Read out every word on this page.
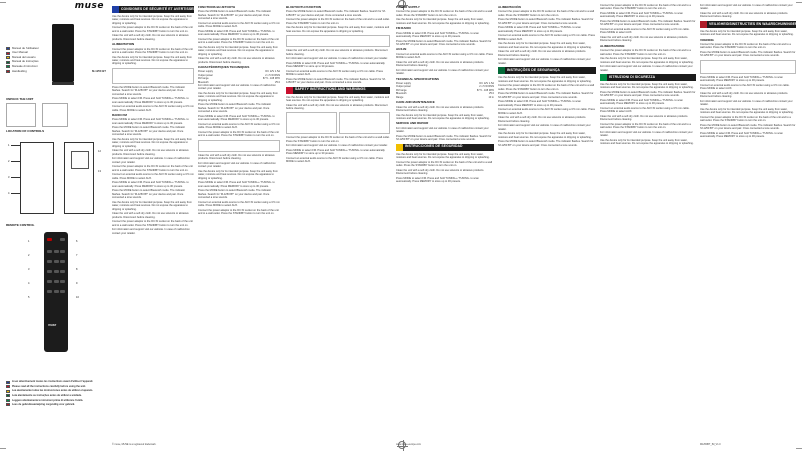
muse
Manuel de l'utilisateur
User Manual
Manual del usuario
Manual de instruções
Manuale di istruzioni
Handleiding	M-1250 BT
UNPACK THE UNIT
LOCATION OF CONTROLS
1
2
3
4
12
13
REMOTE CONTROL
muse
1
2
3
4
5
6
7
8
9
10
Lisez attentivement toutes les instructions avant d'utiliser l'appareil.
Please read all the instructions carefully before using the unit.
Lea atentamente todas las instrucciones antes de utilizar el aparato.
Leia atentamente as instruções antes de utilizar a unidade.
Leggere attentamente le istruzioni prima di utilizzare l'unità.
Lees de gebruiksaanwijzing zorgvuldig voor gebruik.
CONSIGNES DE SÉCURITÉ ET AVERTISSEMENTS

Use the device only for its intended purpose. Keep the unit away from water, moisture and heat sources. Do not expose the apparatus to dripping or splashing.

Connect the power adaptor to the DC IN socket on the back of the unit and to a wall outlet. Press the STANDBY button to turn the unit on.

Clean the unit with a soft dry cloth. Do not use solvents or abrasive products. Disconnect before cleaning.

ALIMENTATION

Connect the power adaptor to the DC IN socket on the back of the unit and to a wall outlet. Press the STANDBY button to turn the unit on.

Use the device only for its intended purpose. Keep the unit away from water, moisture and heat sources. Do not expose the apparatus to dripping or splashing.

Press the MODE button to select Bluetooth mode. The indicator flashes. Search for 'M-1250 BT' on your device and pair. Once connected a tone sounds.

Press MODE to select FM. Press and hold TUNING+ / TUNING- to scan automatically. Press MEMORY to store up to 30 presets.

Connect an external audio source to the AUX IN socket using a 3.5 mm cable. Press MODE to select AUX.

RADIO FM

Press MODE to select FM. Press and hold TUNING+ / TUNING- to scan automatically. Press MEMORY to store up to 30 presets.

Press the MODE button to select Bluetooth mode. The indicator flashes. Search for 'M-1250 BT' on your device and pair. Once connected a tone sounds.

Use the device only for its intended purpose. Keep the unit away from water, moisture and heat sources. Do not expose the apparatus to dripping or splashing.

Clean the unit with a soft dry cloth. Do not use solvents or abrasive products. Disconnect before cleaning.

For information and support visit our website. In case of malfunction contact your retailer.

Connect the power adaptor to the DC IN socket on the back of the unit and to a wall outlet. Press the STANDBY button to turn the unit on.

Connect an external audio source to the AUX IN socket using a 3.5 mm cable. Press MODE to select AUX.

Press MODE to select FM. Press and hold TUNING+ / TUNING- to scan automatically. Press MEMORY to store up to 30 presets.

Press the MODE button to select Bluetooth mode. The indicator flashes. Search for 'M-1250 BT' on your device and pair. Once connected a tone sounds.

Use the device only for its intended purpose. Keep the unit away from water, moisture and heat sources. Do not expose the apparatus to dripping or splashing.

Clean the unit with a soft dry cloth. Do not use solvents or abrasive products. Disconnect before cleaning.

Connect the power adaptor to the DC IN socket on the back of the unit and to a wall outlet. Press the STANDBY button to turn the unit on.

For information and support visit our website. In case of malfunction contact your retailer.

FONCTIONS BLUETOOTH

Press the MODE button to select Bluetooth mode. The indicator flashes. Search for 'M-1250 BT' on your device and pair. Once connected a tone sounds.

Connect an external audio source to the AUX IN socket using a 3.5 mm cable. Press MODE to select AUX.

Press MODE to select FM. Press and hold TUNING+ / TUNING- to scan automatically. Press MEMORY to store up to 30 presets.

Connect the power adaptor to the DC IN socket on the back of the unit and to a wall outlet. Press the STANDBY button to turn the unit on.

Use the device only for its intended purpose. Keep the unit away from water, moisture and heat sources. Do not expose the apparatus to dripping or splashing.

Clean the unit with a soft dry cloth. Do not use solvents or abrasive products. Disconnect before cleaning.

CARACTÉRISTIQUES TECHNIQUES
Power supply	DC 12V 1.5A
Output power	2 x 5 W RMS
FM range	87.5 - 108 MHz
Bluetooth	V5.0

For information and support visit our website. In case of malfunction contact your retailer.

Use the device only for its intended purpose. Keep the unit away from water, moisture and heat sources. Do not expose the apparatus to dripping or splashing.

Press the MODE button to select Bluetooth mode. The indicator flashes. Search for 'M-1250 BT' on your device and pair. Once connected a tone sounds.

Press MODE to select FM. Press and hold TUNING+ / TUNING- to scan automatically. Press MEMORY to store up to 30 presets.

Connect an external audio source to the AUX IN socket using a 3.5 mm cable. Press MODE to select AUX.

Connect the power adaptor to the DC IN socket on the back of the unit and to a wall outlet. Press the STANDBY button to turn the unit on.

Clean the unit with a soft dry cloth. Do not use solvents or abrasive products. Disconnect before cleaning.

For information and support visit our website. In case of malfunction contact your retailer.

Use the device only for its intended purpose. Keep the unit away from water, moisture and heat sources. Do not expose the apparatus to dripping or splashing.

Press MODE to select FM. Press and hold TUNING+ / TUNING- to scan automatically. Press MEMORY to store up to 30 presets.

Press the MODE button to select Bluetooth mode. The indicator flashes. Search for 'M-1250 BT' on your device and pair. Once connected a tone sounds.

Connect an external audio source to the AUX IN socket using a 3.5 mm cable. Press MODE to select AUX.

Connect the power adaptor to the DC IN socket on the back of the unit and to a wall outlet. Press the STANDBY button to turn the unit on.

BLUETOOTH FUNCTION

Press the MODE button to select Bluetooth mode. The indicator flashes. Search for 'M-1250 BT' on your device and pair. Once connected a tone sounds.

Connect the power adaptor to the DC IN socket on the back of the unit and to a wall outlet. Press the STANDBY button to turn the unit on.

Use the device only for its intended purpose. Keep the unit away from water, moisture and heat sources. Do not expose the apparatus to dripping or splashing.

Clean the unit with a soft dry cloth. Do not use solvents or abrasive products. Disconnect before cleaning.

For information and support visit our website. In case of malfunction contact your retailer.

Press MODE to select FM. Press and hold TUNING+ / TUNING- to scan automatically. Press MEMORY to store up to 30 presets.

Connect an external audio source to the AUX IN socket using a 3.5 mm cable. Press MODE to select AUX.

Press the MODE button to select Bluetooth mode. The indicator flashes. Search for 'M-1250 BT' on your device and pair. Once connected a tone sounds.

SAFETY INSTRUCTIONS AND WARNINGS

Use the device only for its intended purpose. Keep the unit away from water, moisture and heat sources. Do not expose the apparatus to dripping or splashing.

Clean the unit with a soft dry cloth. Do not use solvents or abrasive products. Disconnect before cleaning.

Connect the power adaptor to the DC IN socket on the back of the unit and to a wall outlet. Press the STANDBY button to turn the unit on.

For information and support visit our website. In case of malfunction contact your retailer.

Press MODE to select FM. Press and hold TUNING+ / TUNING- to scan automatically. Press MEMORY to store up to 30 presets.

Connect an external audio source to the AUX IN socket using a 3.5 mm cable. Press MODE to select AUX.

POWER SUPPLY

Connect the power adaptor to the DC IN socket on the back of the unit and to a wall outlet. Press the STANDBY button to turn the unit on.

Use the device only for its intended purpose. Keep the unit away from water, moisture and heat sources. Do not expose the apparatus to dripping or splashing.

FM RADIO

Press MODE to select FM. Press and hold TUNING+ / TUNING- to scan automatically. Press MEMORY to store up to 30 presets.

Press the MODE button to select Bluetooth mode. The indicator flashes. Search for 'M-1250 BT' on your device and pair. Once connected a tone sounds.

AUX-IN

Connect an external audio source to the AUX IN socket using a 3.5 mm cable. Press MODE to select AUX.

Clean the unit with a soft dry cloth. Do not use solvents or abrasive products. Disconnect before cleaning.

For information and support visit our website. In case of malfunction contact your retailer.

TECHNICAL SPECIFICATIONS
Power supply	DC 12V 1.5A
Output power	2 x 5 W RMS
FM range	87.5 - 108 MHz
Bluetooth	V5.0
Range	10 m
CARE AND MAINTENANCE

Clean the unit with a soft dry cloth. Do not use solvents or abrasive products. Disconnect before cleaning.

Use the device only for its intended purpose. Keep the unit away from water, moisture and heat sources. Do not expose the apparatus to dripping or splashing.

SERVICE AND REPAIR

For information and support visit our website. In case of malfunction contact your retailer.

Press the MODE button to select Bluetooth mode. The indicator flashes. Search for 'M-1250 BT' on your device and pair. Once connected a tone sounds.

INSTRUCCIONES DE SEGURIDAD

Use the device only for its intended purpose. Keep the unit away from water, moisture and heat sources. Do not expose the apparatus to dripping or splashing.

Connect the power adaptor to the DC IN socket on the back of the unit and to a wall outlet. Press the STANDBY button to turn the unit on.

Clean the unit with a soft dry cloth. Do not use solvents or abrasive products. Disconnect before cleaning.

Press MODE to select FM. Press and hold TUNING+ / TUNING- to scan automatically. Press MEMORY to store up to 30 presets.

ALIMENTACIÓN

Connect the power adaptor to the DC IN socket on the back of the unit and to a wall outlet. Press the STANDBY button to turn the unit on.

Press the MODE button to select Bluetooth mode. The indicator flashes. Search for 'M-1250 BT' on your device and pair. Once connected a tone sounds.

Press MODE to select FM. Press and hold TUNING+ / TUNING- to scan automatically. Press MEMORY to store up to 30 presets.

Connect an external audio source to the AUX IN socket using a 3.5 mm cable. Press MODE to select AUX.

Use the device only for its intended purpose. Keep the unit away from water, moisture and heat sources. Do not expose the apparatus to dripping or splashing.

Clean the unit with a soft dry cloth. Do not use solvents or abrasive products. Disconnect before cleaning.

For information and support visit our website. In case of malfunction contact your retailer.

INSTRUÇÕES DE SEGURANÇA

Use the device only for its intended purpose. Keep the unit away from water, moisture and heat sources. Do not expose the apparatus to dripping or splashing.

Connect the power adaptor to the DC IN socket on the back of the unit and to a wall outlet. Press the STANDBY button to turn the unit on.

Press the MODE button to select Bluetooth mode. The indicator flashes. Search for 'M-1250 BT' on your device and pair. Once connected a tone sounds.

Press MODE to select FM. Press and hold TUNING+ / TUNING- to scan automatically. Press MEMORY to store up to 30 presets.

Connect an external audio source to the AUX IN socket using a 3.5 mm cable. Press MODE to select AUX.

Clean the unit with a soft dry cloth. Do not use solvents or abrasive products. Disconnect before cleaning.

For information and support visit our website. In case of malfunction contact your retailer.

Use the device only for its intended purpose. Keep the unit away from water, moisture and heat sources. Do not expose the apparatus to dripping or splashing.

Press the MODE button to select Bluetooth mode. The indicator flashes. Search for 'M-1250 BT' on your device and pair. Once connected a tone sounds.

Connect the power adaptor to the DC IN socket on the back of the unit and to a wall outlet. Press the STANDBY button to turn the unit on.

Press MODE to select FM. Press and hold TUNING+ / TUNING- to scan automatically. Press MEMORY to store up to 30 presets.

Press the MODE button to select Bluetooth mode. The indicator flashes. Search for 'M-1250 BT' on your device and pair. Once connected a tone sounds.

Connect an external audio source to the AUX IN socket using a 3.5 mm cable. Press MODE to select AUX.

Clean the unit with a soft dry cloth. Do not use solvents or abrasive products. Disconnect before cleaning.

ALIMENTAZIONE

Connect the power adaptor to the DC IN socket on the back of the unit and to a wall outlet. Press the STANDBY button to turn the unit on.

Use the device only for its intended purpose. Keep the unit away from water, moisture and heat sources. Do not expose the apparatus to dripping or splashing.

For information and support visit our website. In case of malfunction contact your retailer.

ISTRUZIONI DI SICUREZZA

Use the device only for its intended purpose. Keep the unit away from water, moisture and heat sources. Do not expose the apparatus to dripping or splashing.

Press the MODE button to select Bluetooth mode. The indicator flashes. Search for 'M-1250 BT' on your device and pair. Once connected a tone sounds.

Press MODE to select FM. Press and hold TUNING+ / TUNING- to scan automatically. Press MEMORY to store up to 30 presets.

Connect an external audio source to the AUX IN socket using a 3.5 mm cable. Press MODE to select AUX.

Clean the unit with a soft dry cloth. Do not use solvents or abrasive products. Disconnect before cleaning.

Connect the power adaptor to the DC IN socket on the back of the unit and to a wall outlet. Press the STANDBY button to turn the unit on.

For information and support visit our website. In case of malfunction contact your retailer.

Use the device only for its intended purpose. Keep the unit away from water, moisture and heat sources. Do not expose the apparatus to dripping or splashing.

For information and support visit our website. In case of malfunction contact your retailer.

Clean the unit with a soft dry cloth. Do not use solvents or abrasive products. Disconnect before cleaning.

VEILIGHEIDSINSTRUCTIES EN WAARSCHUWINGEN

Use the device only for its intended purpose. Keep the unit away from water, moisture and heat sources. Do not expose the apparatus to dripping or splashing.

VOEDING

Connect the power adaptor to the DC IN socket on the back of the unit and to a wall outlet. Press the STANDBY button to turn the unit on.

Press the MODE button to select Bluetooth mode. The indicator flashes. Search for 'M-1250 BT' on your device and pair. Once connected a tone sounds.

Press MODE to select FM. Press and hold TUNING+ / TUNING- to scan automatically. Press MEMORY to store up to 30 presets.

Connect an external audio source to the AUX IN socket using a 3.5 mm cable. Press MODE to select AUX.

Clean the unit with a soft dry cloth. Do not use solvents or abrasive products. Disconnect before cleaning.

For information and support visit our website. In case of malfunction contact your retailer.

Use the device only for its intended purpose. Keep the unit away from water, moisture and heat sources. Do not expose the apparatus to dripping or splashing.

Connect the power adaptor to the DC IN socket on the back of the unit and to a wall outlet. Press the STANDBY button to turn the unit on.

Press the MODE button to select Bluetooth mode. The indicator flashes. Search for 'M-1250 BT' on your device and pair. Once connected a tone sounds.

Press MODE to select FM. Press and hold TUNING+ / TUNING- to scan automatically. Press MEMORY to store up to 30 presets.

© muse, MUSE is a registered trademark.	M1250BT_IM_V1.0
www.muse-europe.com
